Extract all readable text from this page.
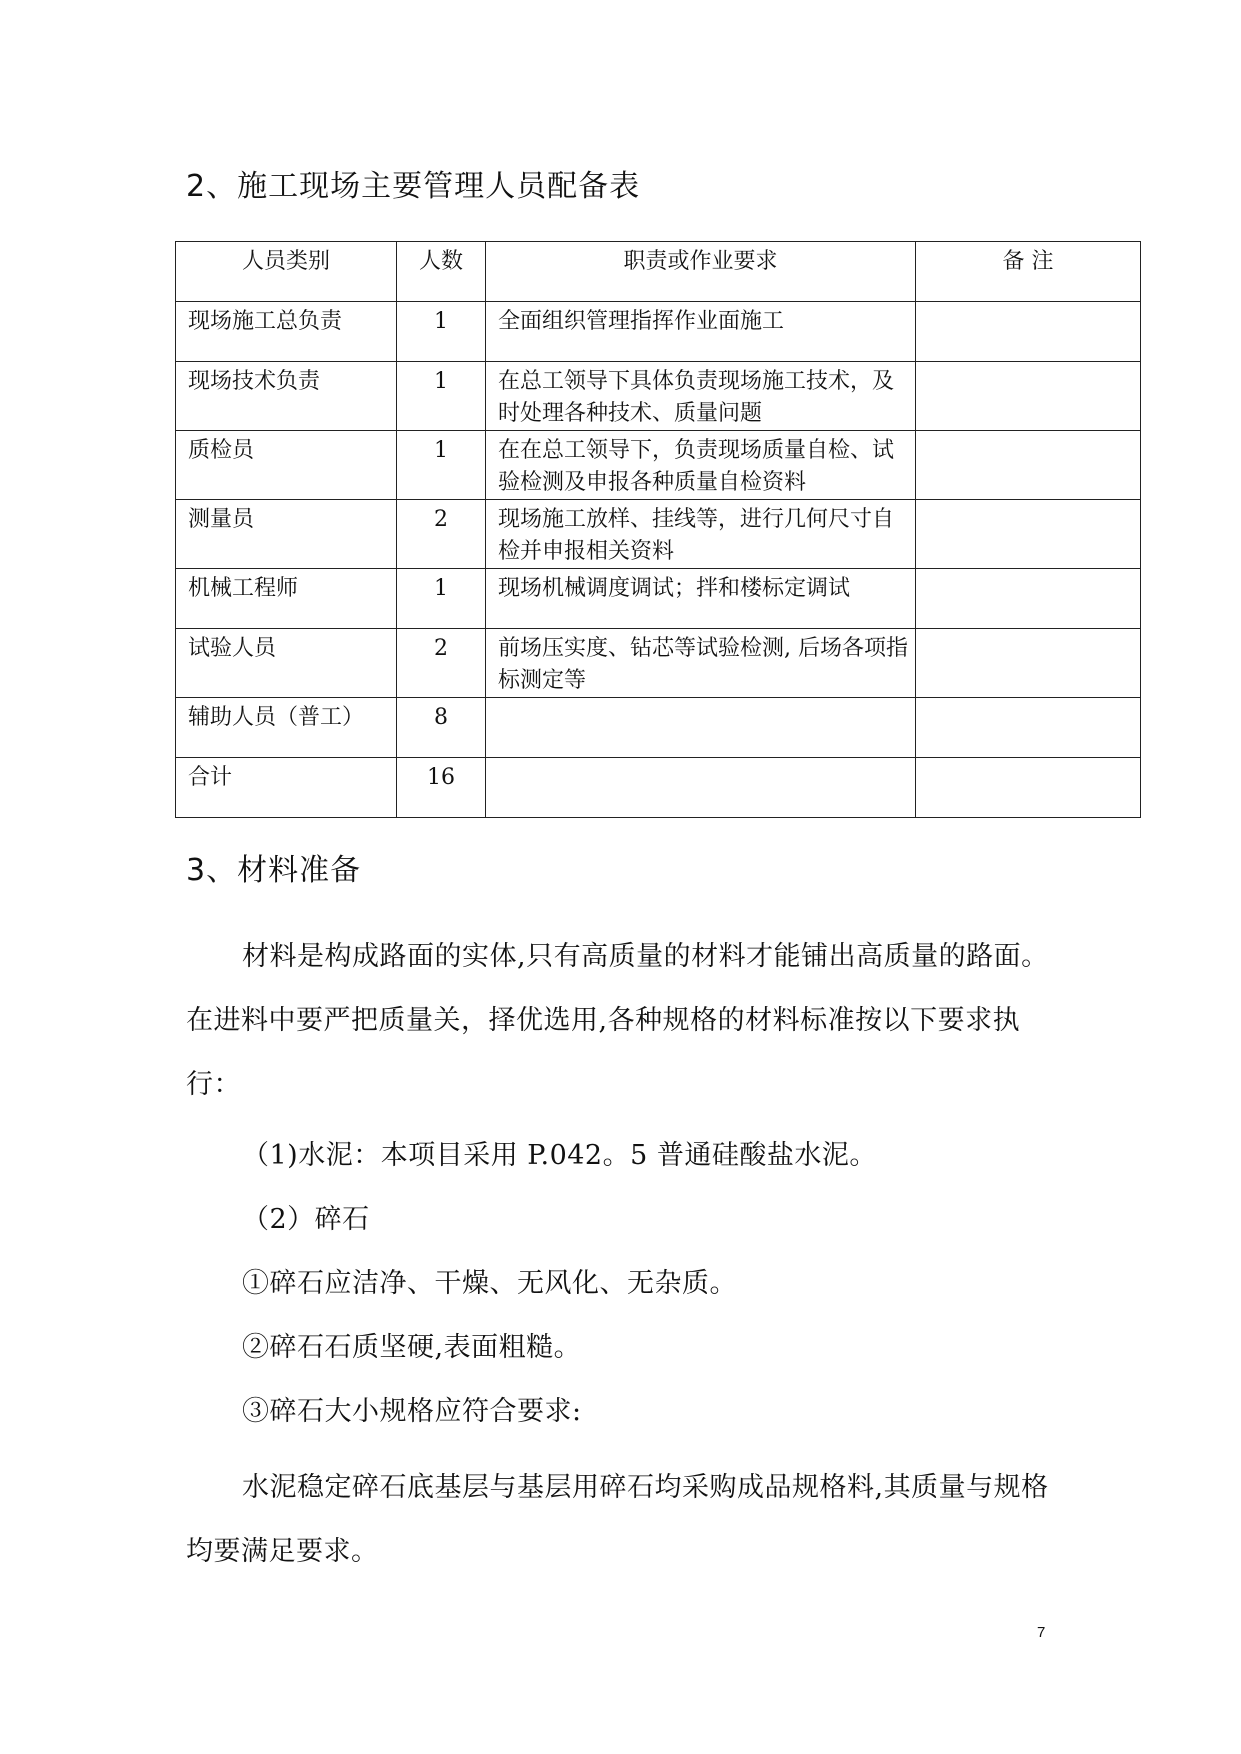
2、施工现场主要管理人员配备表
人员类别	人数	职责或作业要求	备 注
现场施工总负责	1	全面组织管理指挥作业面施工	
现场技术负责	1	在总工领导下具体负责现场施工技术，及时处理各种技术、质量问题	
质检员	1	在在总工领导下，负责现场质量自检、试验检测及申报各种质量自检资料	
测量员	2	现场施工放样、挂线等，进行几何尺寸自检并申报相关资料	
机械工程师	1	现场机械调度调试；拌和楼标定调试	
试验人员	2	前场压实度、钻芯等试验检测, 后场各项指标测定等	
辅助人员（普工）	8		
合计	16		
3、材料准备

材料是构成路面的实体,只有高质量的材料才能铺出高质量的路面。在进料中要严把质量关，择优选用,各种规格的材料标准按以下要求执行：

（1)水泥：本项目采用 P.042。5 普通硅酸盐水泥。

（2）碎石

①碎石应洁净、干燥、无风化、无杂质。

②碎石石质坚硬,表面粗糙。

③碎石大小规格应符合要求:

水泥稳定碎石底基层与基层用碎石均采购成品规格料,其质量与规格均要满足要求。

7
